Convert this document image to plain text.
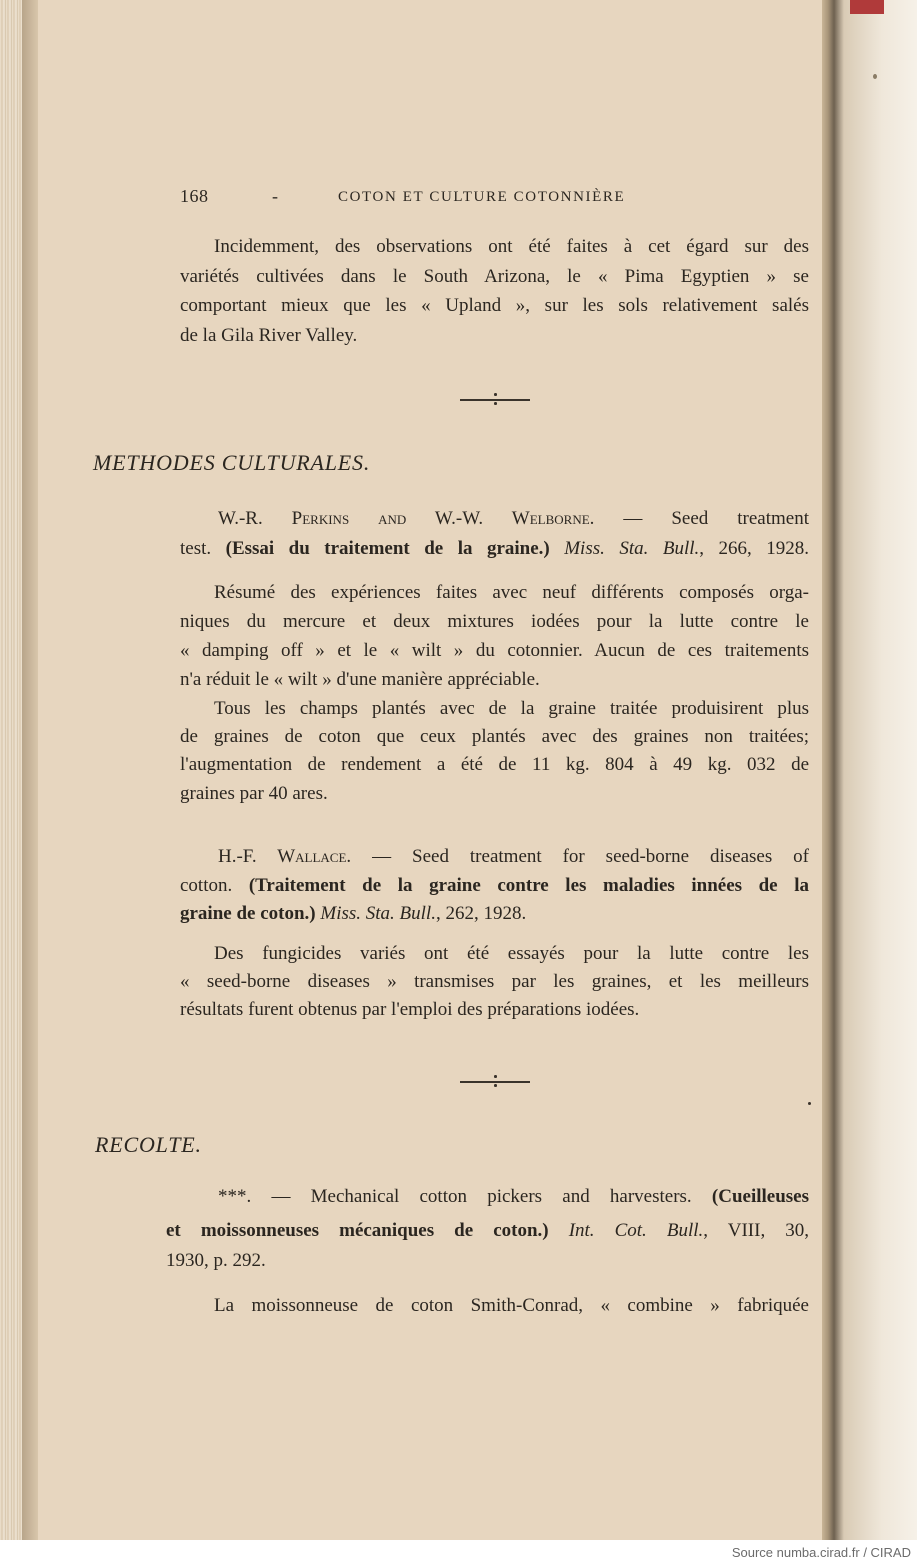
168	-	COTON ET CULTURE COTONNIÈRE
Incidemment, des observations ont été faites à cet égard sur des
variétés cultivées dans le South Arizona, le « Pima Egyptien » se
comportant mieux que les « Upland », sur les sols relativement salés
de la Gila River Valley.
METHODES CULTURALES.
W.-R. Perkins and W.-W. Welborne. — Seed treatment
test. (Essai du traitement de la graine.) Miss. Sta. Bull., 266, 1928.
Résumé des expériences faites avec neuf différents composés orga-
niques du mercure et deux mixtures iodées pour la lutte contre le
« damping off » et le « wilt » du cotonnier. Aucun de ces traitements
n'a réduit le « wilt » d'une manière appréciable.
Tous les champs plantés avec de la graine traitée produisirent plus
de graines de coton que ceux plantés avec des graines non traitées;
l'augmentation de rendement a été de 11 kg. 804 à 49 kg. 032 de
graines par 40 ares.
H.-F. Wallace. — Seed treatment for seed-borne diseases of
cotton. (Traitement de la graine contre les maladies innées de la
graine de coton.) Miss. Sta. Bull., 262, 1928.
Des fungicides variés ont été essayés pour la lutte contre les
« seed-borne diseases » transmises par les graines, et les meilleurs
résultats furent obtenus par l'emploi des préparations iodées.
RECOLTE.
***. — Mechanical cotton pickers and harvesters. (Cueilleuses
et moissonneuses mécaniques de coton.) Int. Cot. Bull., VIII, 30,
1930, p. 292.
La moissonneuse de coton Smith-Conrad, « combine » fabriquée
Source numba.cirad.fr / CIRAD
